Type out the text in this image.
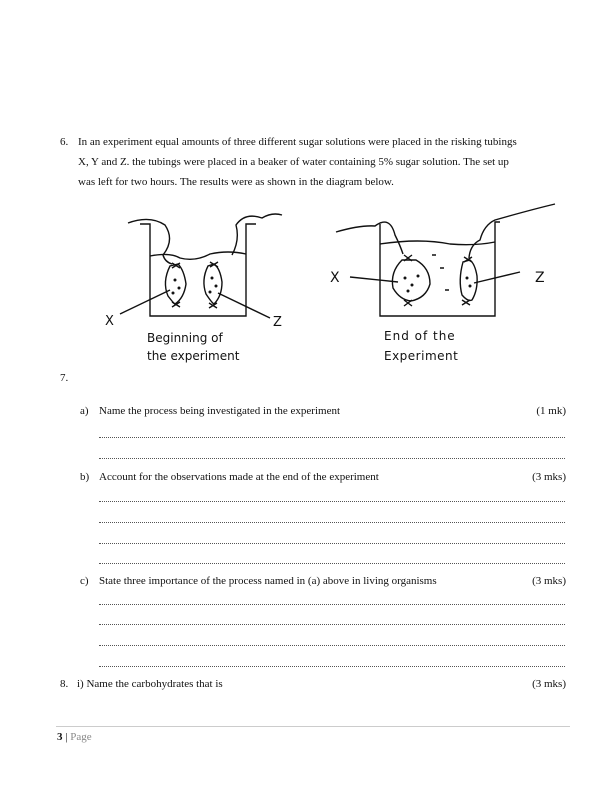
6. In an experiment equal amounts of three different sugar solutions were placed in the risking tubings
X, Y and Z. the tubings were placed in a beaker of water containing 5% sugar solution. The set up
was left for two hours. The results were as shown in the diagram below.
X	Z
Beginning of
the experiment
X	Z
End of the
Experiment
7.
a) Name the process being investigated in the experiment	(1 mk)
b) Account for the observations made at the end of the experiment	(3 mks)
c) State three importance of the process named in (a) above in living organisms	(3 mks)
8. i) Name the carbohydrates that is	(3 mks)
3 | Page
